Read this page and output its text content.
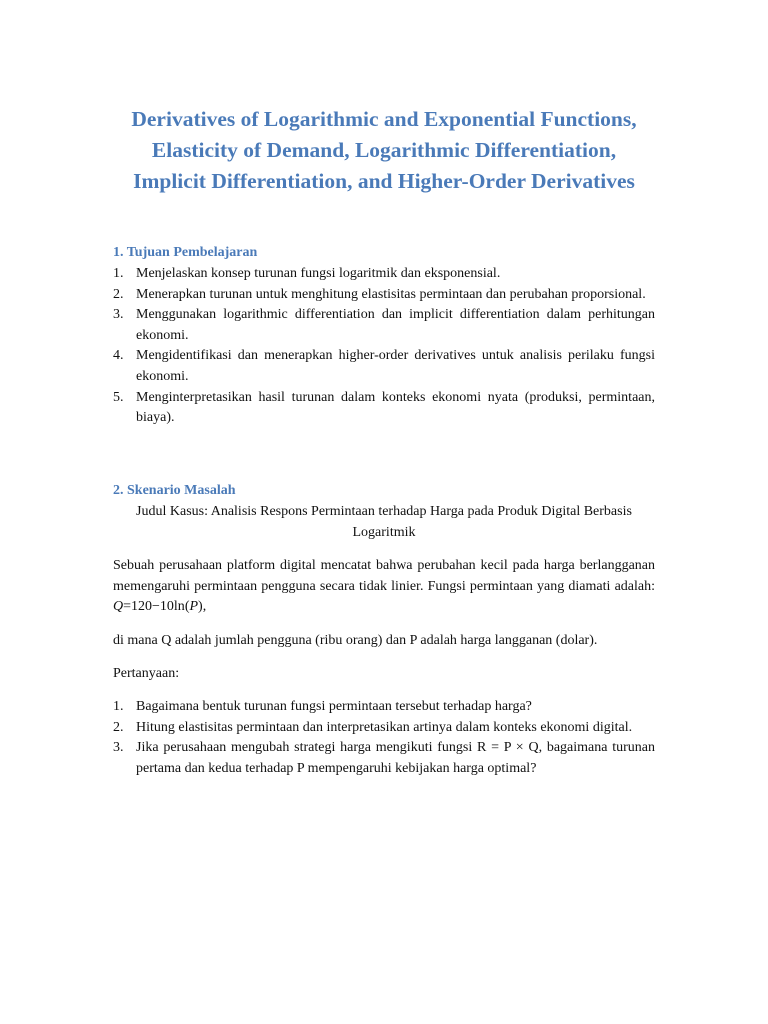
Derivatives of Logarithmic and Exponential Functions,
Elasticity of Demand, Logarithmic Differentiation,
Implicit Differentiation, and Higher-Order Derivatives
1. Tujuan Pembelajaran
1. Menjelaskan konsep turunan fungsi logaritmik dan eksponensial.
2. Menerapkan turunan untuk menghitung elastisitas permintaan dan perubahan proporsional.
3. Menggunakan logarithmic differentiation dan implicit differentiation dalam perhitungan ekonomi.
4. Mengidentifikasi dan menerapkan higher-order derivatives untuk analisis perilaku fungsi ekonomi.
5. Menginterpretasikan hasil turunan dalam konteks ekonomi nyata (produksi, permintaan, biaya).
2. Skenario Masalah
Judul Kasus: Analisis Respons Permintaan terhadap Harga pada Produk Digital Berbasis Logaritmik
Sebuah perusahaan platform digital mencatat bahwa perubahan kecil pada harga berlangganan memengaruhi permintaan pengguna secara tidak linier. Fungsi permintaan yang diamati adalah: Q=120−10ln(P),
di mana Q adalah jumlah pengguna (ribu orang) dan P adalah harga langganan (dolar).
Pertanyaan:
1. Bagaimana bentuk turunan fungsi permintaan tersebut terhadap harga?
2. Hitung elastisitas permintaan dan interpretasikan artinya dalam konteks ekonomi digital.
3. Jika perusahaan mengubah strategi harga mengikuti fungsi R = P × Q, bagaimana turunan pertama dan kedua terhadap P mempengaruhi kebijakan harga optimal?
